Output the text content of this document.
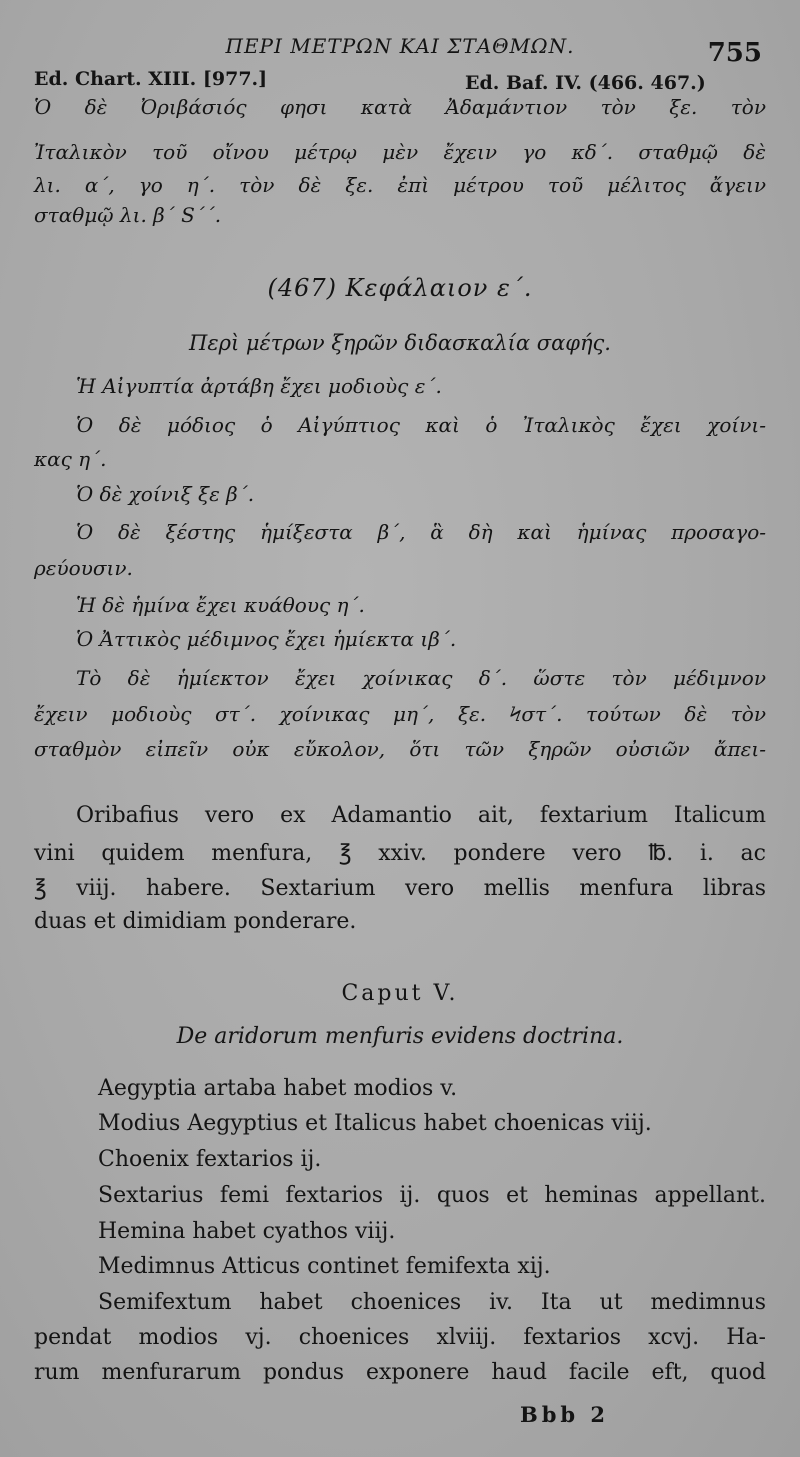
ΠΕΡΙ ΜΕΤΡΩΝ ΚΑΙ ΣΤΑΘΜΩΝ.	755
Ed. Chart. XIII. [977.]	Ed. Baf. IV. (466. 467.)
Ὁ δὲ Ὀριβάσιός φησι κατὰ Ἀδαμάντιον τὸν ξε. τὸν
Ἰταλικὸν τοῦ οἴνου μέτρῳ μὲν ἔχειν γο κδ΄. σταθμῷ δὲ
λι. α΄, γο η΄. τὸν δὲ ξε. ἐπὶ μέτρου τοῦ μέλιτος ἄγειν
σταθμῷ λι. β΄ S΄΄.
(467) Κεφάλαιον ε΄.
Περὶ μέτρων ξηρῶν διδασκαλία σαφής.
Ἡ Αἰγυπτία ἀρτάβη ἔχει μοδιοὺς ε΄.
Ὁ δὲ μόδιος ὁ Αἰγύπτιος καὶ ὁ Ἰταλικὸς ἔχει χοίνι-
κας η΄.
Ὁ δὲ χοίνιξ ξε β΄.
Ὁ δὲ ξέστης ἡμίξεστα β΄, ἃ δὴ καὶ ἡμίνας προσαγο-
ρεύουσιν.
Ἡ δὲ ἡμίνα ἔχει κυάθους η΄.
Ὁ Ἀττικὸς μέδιμνος ἔχει ἡμίεκτα ιβ΄.
Τὸ δὲ ἡμίεκτον ἔχει χοίνικας δ΄. ὥστε τὸν μέδιμνον
ἔχειν μοδιοὺς στ΄. χοίνικας μη΄, ξε. Ϟστ΄. τούτων δὲ τὸν
σταθμὸν εἰπεῖν οὐκ εὔκολον, ὅτι τῶν ξηρῶν οὐσιῶν ἄπει-
Oribafius vero ex Adamantio ait, fextarium Italicum
vini quidem menfura, ℥ xxiv. pondere vero ℔. i. ac
℥ viij. habere. Sextarium vero mellis menfura libras
duas et dimidiam ponderare.
Caput V.
De aridorum menfuris evidens doctrina.
Aegyptia artaba habet modios v.
Modius Aegyptius et Italicus habet choenicas viij.
Choenix fextarios ij.
Sextarius femi fextarios ij. quos et heminas appellant.
Hemina habet cyathos viij.
Medimnus Atticus continet femifexta xij.
Semifextum habet choenices iv. Ita ut medimnus
pendat modios vj. choenices xlviij. fextarios xcvj. Ha-
rum menfurarum pondus exponere haud facile eft, quod
Bbb 2
